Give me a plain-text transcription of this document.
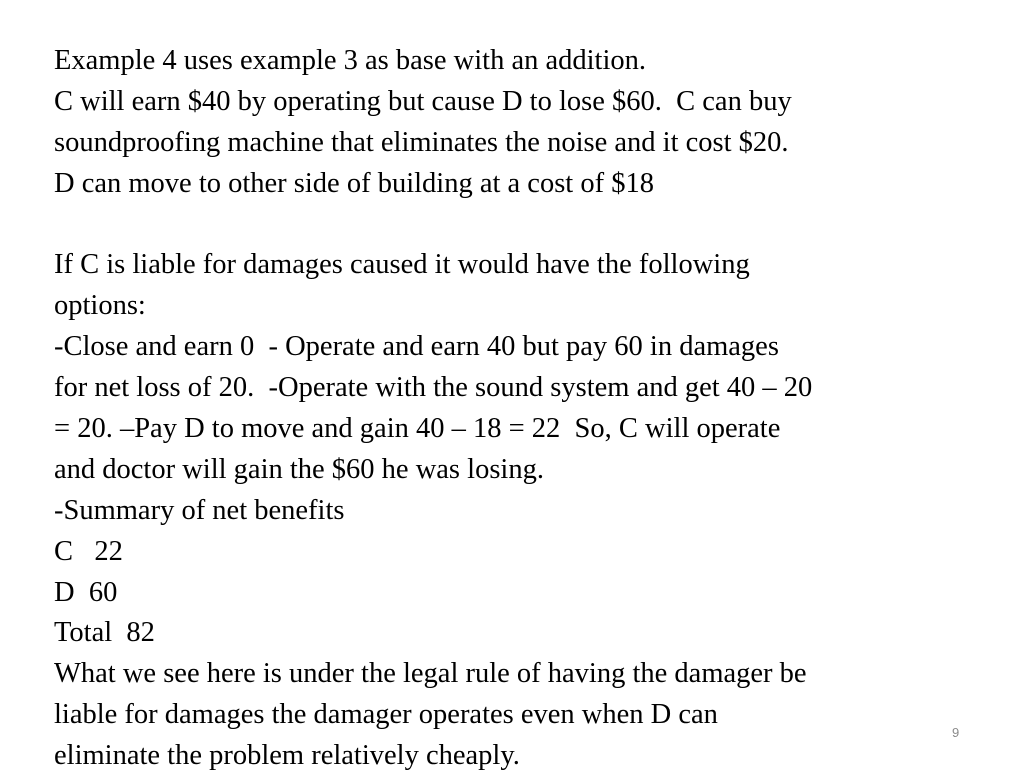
Example 4 uses example 3 as base with an addition.
C will earn $40 by operating but cause D to lose $60.  C can buy
soundproofing machine that eliminates the noise and it cost $20.
D can move to other side of building at a cost of $18
If C is liable for damages caused it would have the following
options:
-Close and earn 0  - Operate and earn 40 but pay 60 in damages
for net loss of 20.  -Operate with the sound system and get 40 – 20
= 20. –Pay D to move and gain 40 – 18 = 22  So, C will operate
and doctor will gain the $60 he was losing.
-Summary of net benefits
C   22
D  60
Total  82
What we see here is under the legal rule of having the damager be
liable for damages the damager operates even when D can
eliminate the problem relatively cheaply.
9
